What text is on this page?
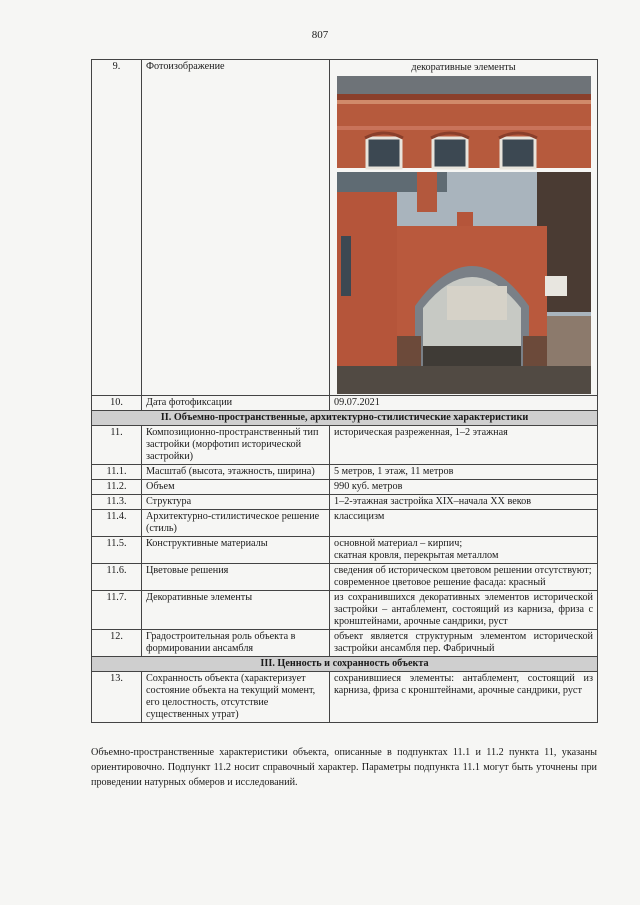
807
9.	Фотоизображение	декоративные элементы

10.	Дата фотофиксации	09.07.2021
II. Объемно-пространственные, архитектурно-стилистические характеристики		
11.	Композиционно-пространственный тип застройки (морфотип исторической застройки)	историческая разреженная, 1–2 этажная
11.1.	Масштаб (высота, этажность, ширина)	5 метров, 1 этаж, 11 метров
11.2.	Объем	990 куб. метров
11.3.	Структура	1–2-этажная застройка XIX–начала XX веков
11.4.	Архитектурно-стилистическое решение (стиль)	классицизм
11.5.	Конструктивные материалы	основной материал – кирпич;
скатная кровля, перекрытая металлом

11.6.	Цветовые решения	сведения об историческом цветовом решении отсутствуют;
современное цветовое решение фасада: красный

11.7.	Декоративные элементы	из сохранившихся декоративных элементов исторической застройки – антаблемент, состоящий из карниза, фриза с кронштейнами, арочные сандрики, руст
12.	Градостроительная роль объекта в формировании ансамбля	объект является структурным элементом исторической застройки ансамбля пер. Фабричный
III. Ценность и сохранность объекта		
13.	Сохранность объекта (характеризует состояние объекта на текущий момент, его целостность, отсутствие существенных утрат)	сохранившиеся элементы: антаблемент, состоящий из карниза, фриза с кронштейнами, арочные сандрики, руст
Объемно-пространственные характеристики объекта, описанные в подпунктах 11.1 и 11.2 пункта 11, указаны ориентировочно. Подпункт 11.2 носит справочный характер. Параметры подпункта 11.1 могут быть уточнены при проведении натурных обмеров и исследований.
